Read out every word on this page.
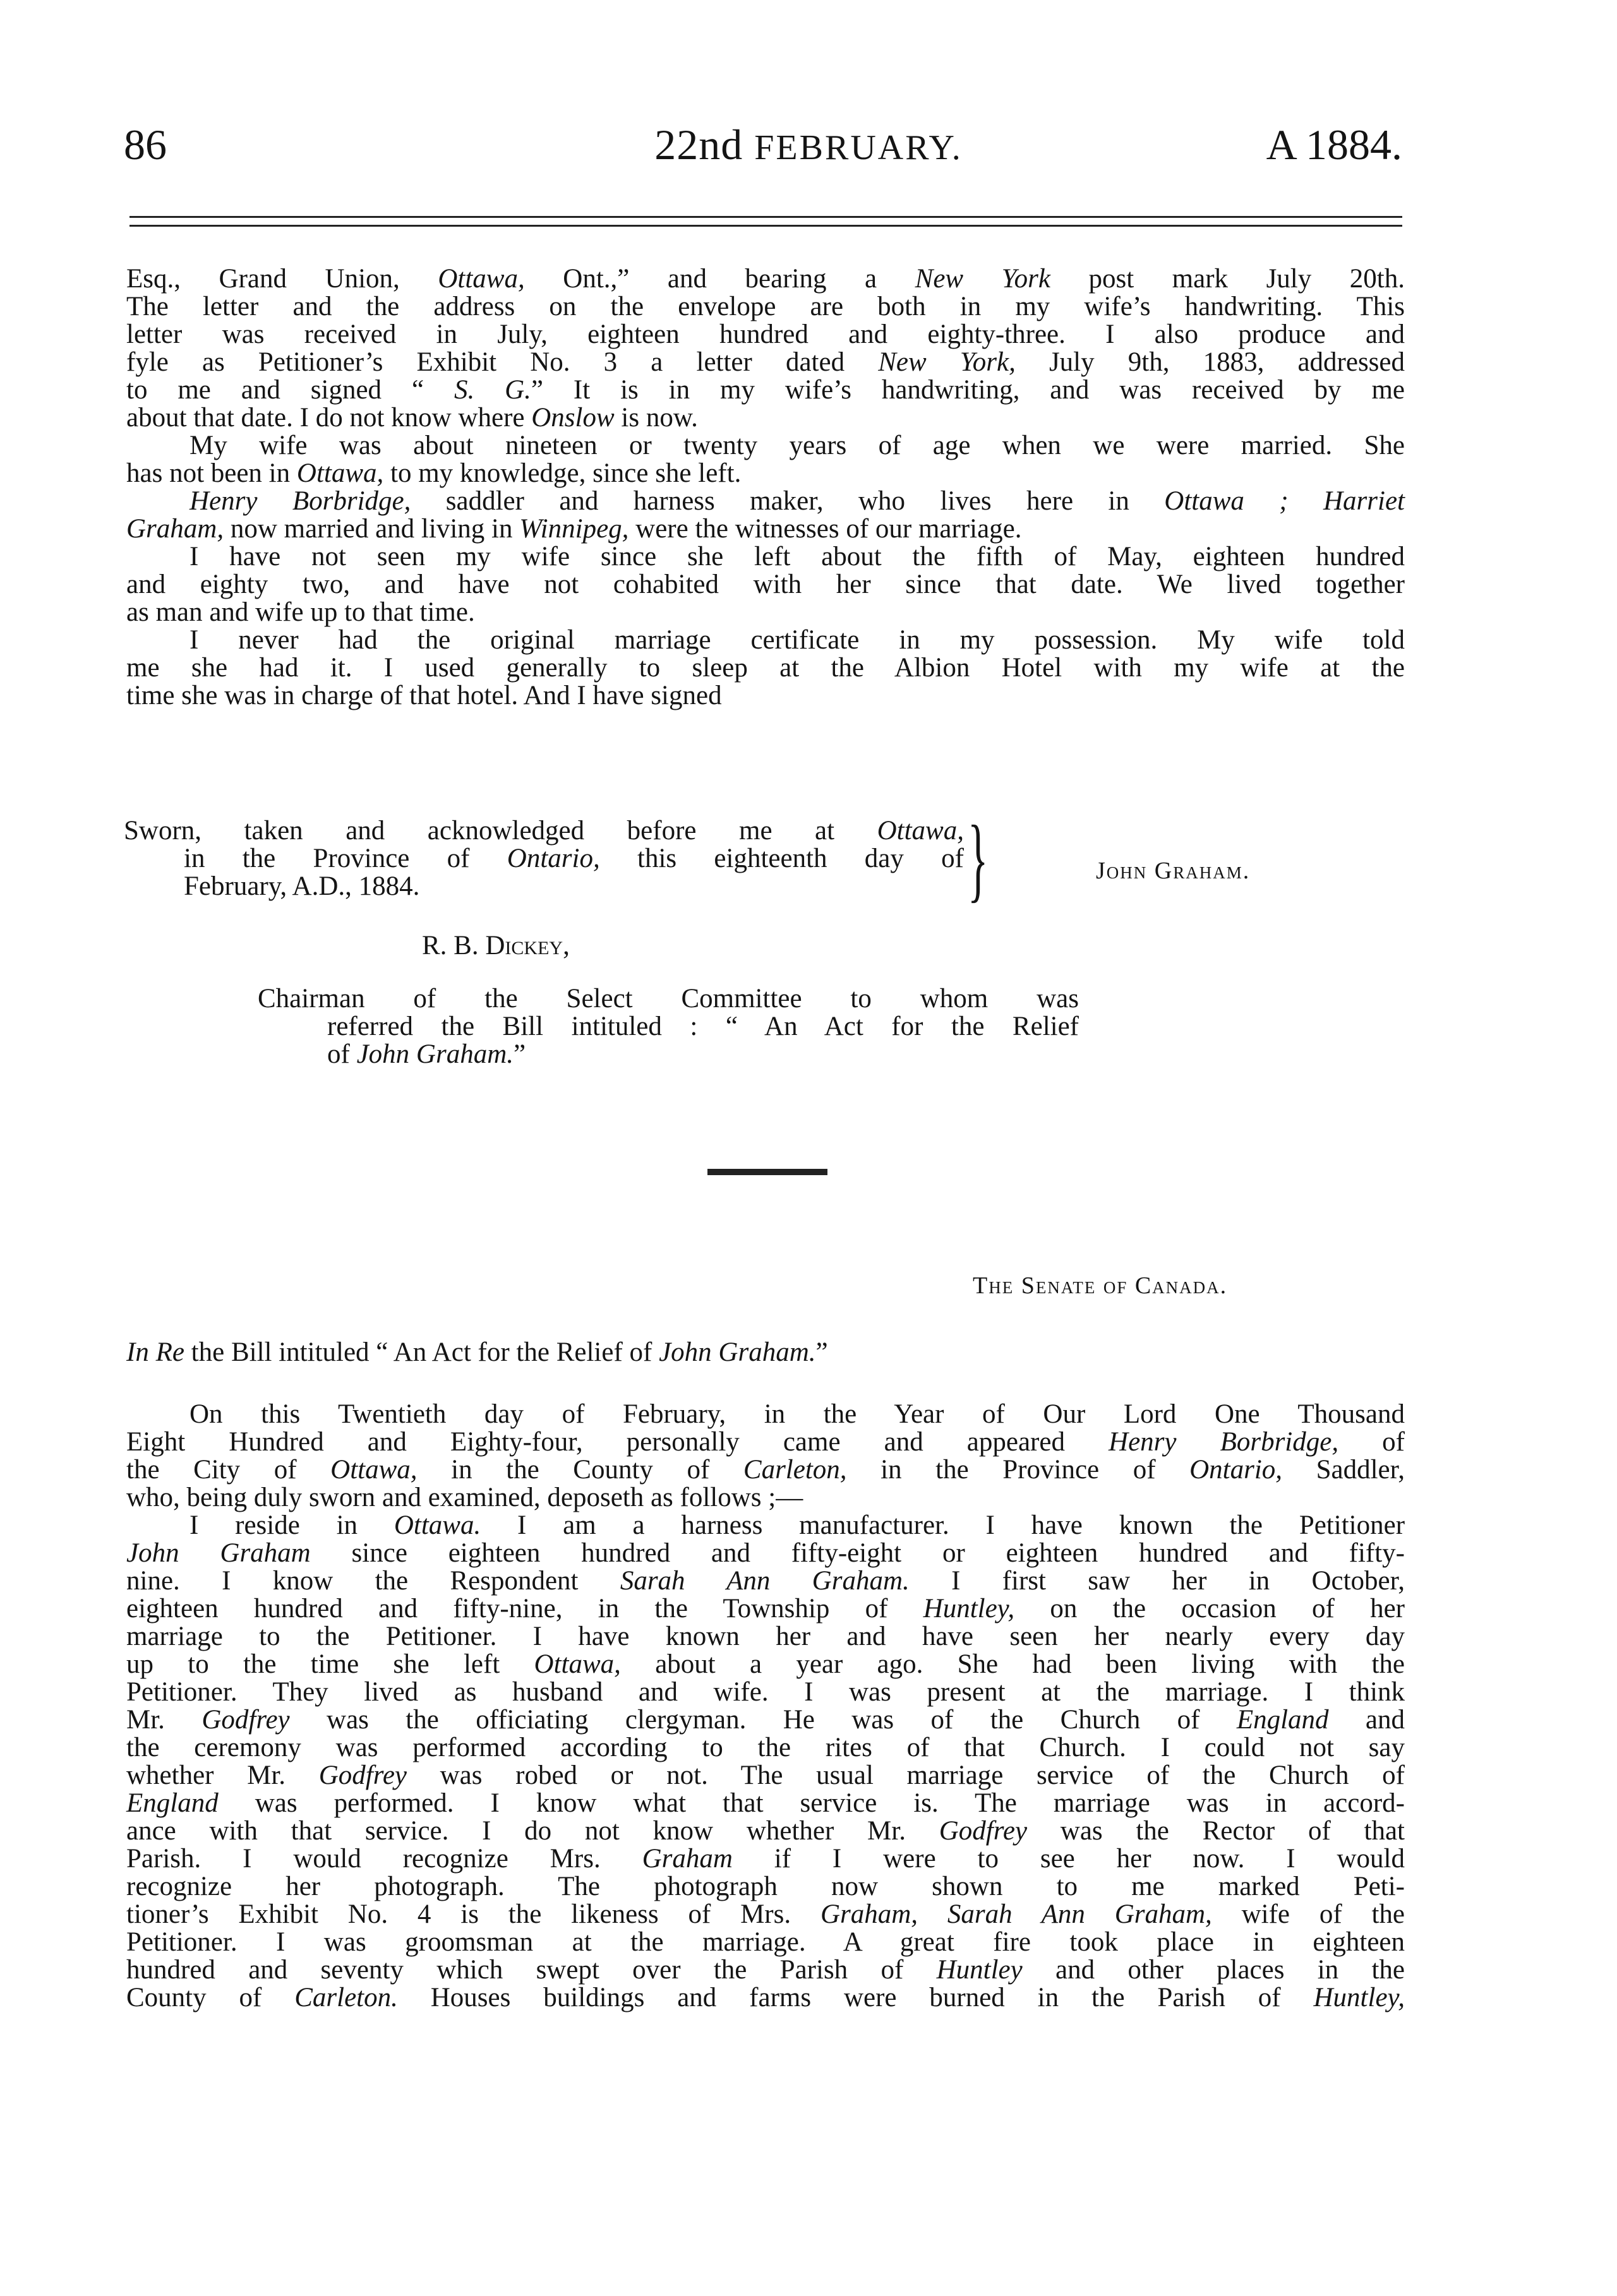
86	22nd FEBRUARY.	A 1884.
Esq., Grand Union, Ottawa, Ont.,” and bearing a New York post mark July 20th.
The letter and the address on the envelope are both in my wife’s handwriting. This
letter was received in July, eighteen hundred and eighty-three. I also produce and
fyle as Petitioner’s Exhibit No. 3 a letter dated New York, July 9th, 1883, addressed
to me and signed “ S. G.” It is in my wife’s handwriting, and was received by me
about that date. I do not know where Onslow is now.
My wife was about nineteen or twenty years of age when we were married. She
has not been in Ottawa, to my knowledge, since she left.
Henry Borbridge, saddler and harness maker, who lives here in Ottawa ; Harriet
Graham, now married and living in Winnipeg, were the witnesses of our marriage.
I have not seen my wife since she left about the fifth of May, eighteen hundred
and eighty two, and have not cohabited with her since that date. We lived together
as man and wife up to that time.
I never had the original marriage certificate in my possession. My wife told
me she had it. I used generally to sleep at the Albion Hotel with my wife at the
time she was in charge of that hotel. And I have signed
Sworn, taken and acknowledged before me at Ottawa,
in the Province of Ontario, this eighteenth day of
February, A.D., 1884.	}	John Graham.
R. B. Dickey,
Chairman of the Select Committee to whom was
referred the Bill intituled : “ An Act for the Relief
of John Graham.”
The Senate of Canada.
In Re the Bill intituled “ An Act for the Relief of John Graham.”
On this Twentieth day of February, in the Year of Our Lord One Thousand
Eight Hundred and Eighty-four, personally came and appeared Henry Borbridge, of
the City of Ottawa, in the County of Carleton, in the Province of Ontario, Saddler,
who, being duly sworn and examined, deposeth as follows ;—
I reside in Ottawa. I am a harness manufacturer. I have known the Petitioner
John Graham since eighteen hundred and fifty-eight or eighteen hundred and fifty-
nine. I know the Respondent Sarah Ann Graham. I first saw her in October,
eighteen hundred and fifty-nine, in the Township of Huntley, on the occasion of her
marriage to the Petitioner. I have known her and have seen her nearly every day
up to the time she left Ottawa, about a year ago. She had been living with the
Petitioner. They lived as husband and wife. I was present at the marriage. I think
Mr. Godfrey was the officiating clergyman. He was of the Church of England and
the ceremony was performed according to the rites of that Church. I could not say
whether Mr. Godfrey was robed or not. The usual marriage service of the Church of
England was performed. I know what that service is. The marriage was in accord-
ance with that service. I do not know whether Mr. Godfrey was the Rector of that
Parish. I would recognize Mrs. Graham if I were to see her now. I would
recognize her photograph. The photograph now shown to me marked Peti-
tioner’s Exhibit No. 4 is the likeness of Mrs. Graham, Sarah Ann Graham, wife of the
Petitioner. I was groomsman at the marriage. A great fire took place in eighteen
hundred and seventy which swept over the Parish of Huntley and other places in the
County of Carleton. Houses buildings and farms were burned in the Parish of Huntley,
